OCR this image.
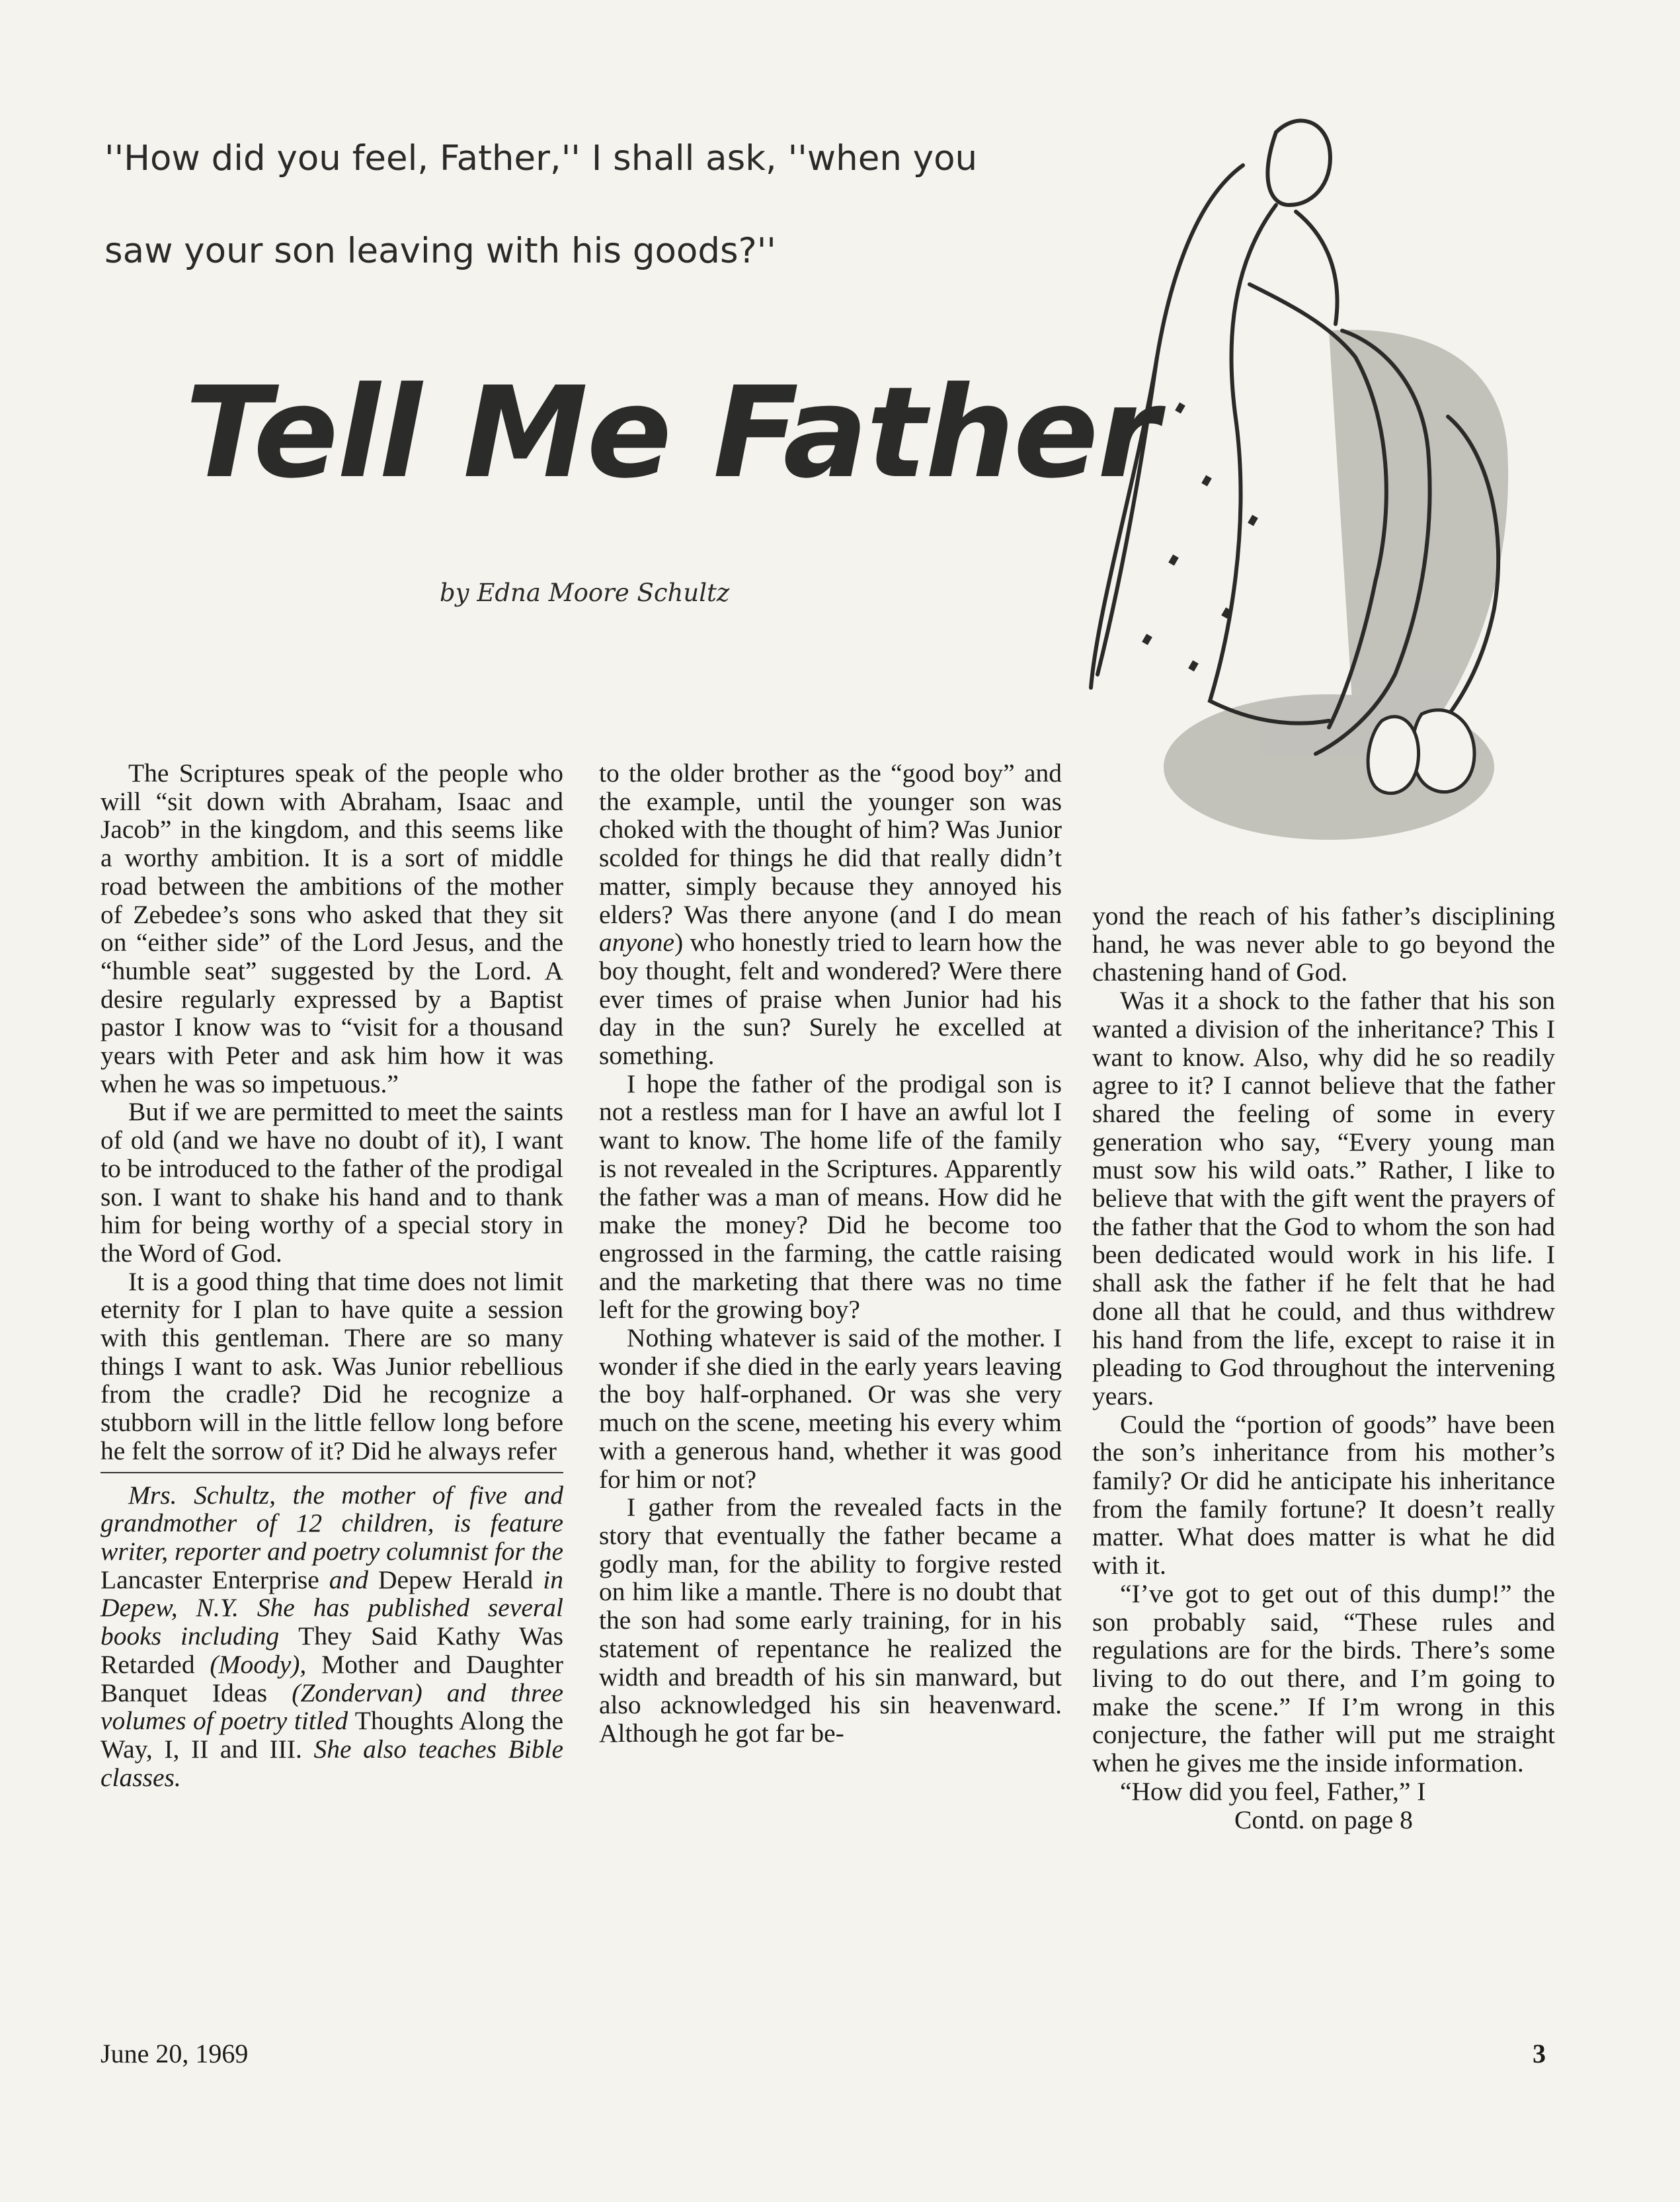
''How did you feel, Father,'' I shall ask, ''when you
saw your son leaving with his goods?''

Tell Me Father

by Edna Moore Schultz

The Scriptures speak of the people who will “sit down with Abraham, Isaac and Jacob” in the kingdom, and this seems like a worthy ambition. It is a sort of middle road between the ambitions of the mother of Zebedee’s sons who asked that they sit on “either side” of the Lord Jesus, and the “humble seat” suggested by the Lord. A desire regularly expressed by a Baptist pastor I know was to “visit for a thousand years with Peter and ask him how it was when he was so impetuous.”

But if we are permitted to meet the saints of old (and we have no doubt of it), I want to be introduced to the father of the prodigal son. I want to shake his hand and to thank him for being worthy of a special story in the Word of God.

It is a good thing that time does not limit eternity for I plan to have quite a session with this gentleman. There are so many things I want to ask. Was Junior rebellious from the cradle? Did he recognize a stubborn will in the little fellow long before he felt the sorrow of it? Did he always refer

Mrs. Schultz, the mother of five and grandmother of 12 children, is feature writer, reporter and poetry columnist for the Lancaster Enterprise and Depew Herald in Depew, N.Y. She has published several books including They Said Kathy Was Retarded (Moody), Mother and Daughter Banquet Ideas (Zondervan) and three volumes of poetry titled Thoughts Along the Way, I, II and III. She also teaches Bible classes.

to the older brother as the “good boy” and the example, until the younger son was choked with the thought of him? Was Junior scolded for things he did that really didn’t matter, simply because they annoyed his elders? Was there anyone (and I do mean anyone) who honestly tried to learn how the boy thought, felt and wondered? Were there ever times of praise when Junior had his day in the sun? Surely he excelled at something.

I hope the father of the prodigal son is not a restless man for I have an awful lot I want to know. The home life of the family is not revealed in the Scriptures. Apparently the father was a man of means. How did he make the money? Did he become too engrossed in the farming, the cattle raising and the marketing that there was no time left for the growing boy?

Nothing whatever is said of the mother. I wonder if she died in the early years leaving the boy half-orphaned. Or was she very much on the scene, meeting his every whim with a generous hand, whether it was good for him or not?

I gather from the revealed facts in the story that eventually the father became a godly man, for the ability to forgive rested on him like a mantle. There is no doubt that the son had some early training, for in his statement of repentance he realized the width and breadth of his sin manward, but also acknowledged his sin heavenward. Although he got far be-

yond the reach of his father’s disciplining hand, he was never able to go beyond the chastening hand of God.

Was it a shock to the father that his son wanted a division of the inheritance? This I want to know. Also, why did he so readily agree to it? I cannot believe that the father shared the feeling of some in every generation who say, “Every young man must sow his wild oats.” Rather, I like to believe that with the gift went the prayers of the father that the God to whom the son had been dedicated would work in his life. I shall ask the father if he felt that he had done all that he could, and thus withdrew his hand from the life, except to raise it in pleading to God throughout the intervening years.

Could the “portion of goods” have been the son’s inheritance from his mother’s family? Or did he anticipate his inheritance from the family fortune? It doesn’t really matter. What does matter is what he did with it.

“I’ve got to get out of this dump!” the son probably said, “These rules and regulations are for the birds. There’s some living to do out there, and I’m going to make the scene.” If I’m wrong in this conjecture, the father will put me straight when he gives me the inside information.

“How did you feel, Father,” I

Contd. on page 8

June 20, 1969	3
